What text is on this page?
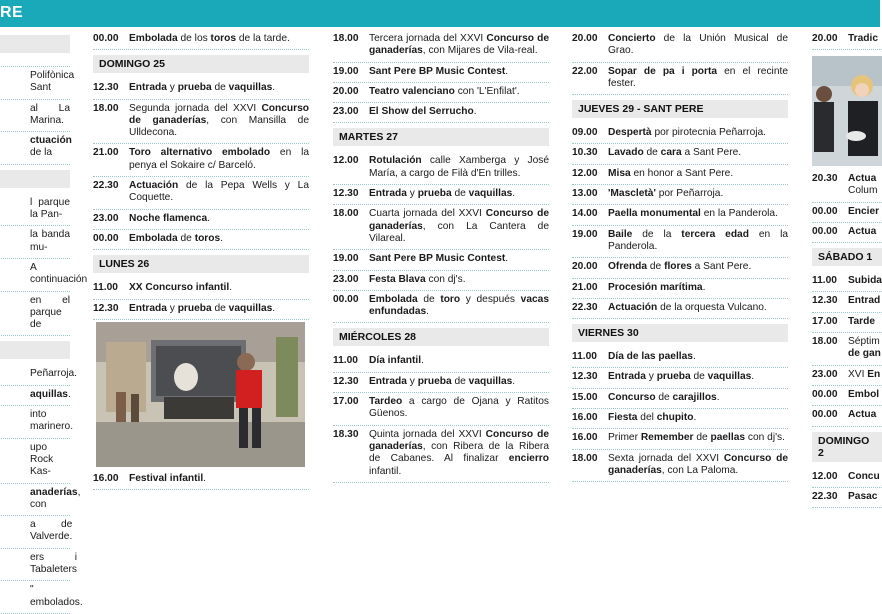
RE

Polifònica Sant
al La Marina.
ctuación de la

l parque la Pan-
la banda mu-
A continuación
en el parque de

Peñarroja.
aquillas.
into marinero.
upo Rock Kas-
anaderías, con
a de Valverde.
ers i Tabaleters
" embolados.
00.00	Embolada de los toros de la tarde.
DOMINGO 25
12.30	Entrada y prueba de vaquillas.
18.00	Segunda jornada del XXVI Concurso de ganaderías, con Mansilla de Ulldecona.
21.00	Toro alternativo embolado en la penya el Sokaire c/ Barceló.
22.30	Actuación de la Pepa Wells y La Coquette.
23.00	Noche flamenca.
00.00	Embolada de toros.
LUNES 26
11.00	XX Concurso infantil.
12.30	Entrada y prueba de vaquillas.
16.00	Festival infantil.
18.00	Tercera jornada del XXVI Concurso de ganaderías, con Mijares de Vila-real.
19.00	Sant Pere BP Music Contest.
20.00	Teatro valenciano con 'L'Enfilat'.
23.00	El Show del Serrucho.
MARTES 27
12.00	Rotulación calle Xamberga y José María, a cargo de Filà d'En trilles.
12.30	Entrada y prueba de vaquillas.
18.00	Cuarta jornada del XXVI Concurso de ganaderías, con La Cantera de Vilareal.
19.00	Sant Pere BP Music Contest.
23.00	Festa Blava con dj's.
00.00	Embolada de toro y después vacas enfundadas.
MIÉRCOLES 28
11.00	Día infantil.
12.30	Entrada y prueba de vaquillas.
17.00	Tardeo a cargo de Ojana y Ratitos Güenos.
18.30	Quinta jornada del XXVI Concurso de ganaderías, con Ribera de la Ribera de Cabanes. Al finalizar encierro infantil.
20.00	Concierto de la Unión Musical de Grao.
22.00	Sopar de pa i porta en el recinte fester.
JUEVES 29 - SANT PERE
09.00	Despertà por pirotecnia Peñarroja.
10.30	Lavado de cara a Sant Pere.
12.00	Misa en honor a Sant Pere.
13.00	'Mascletà' por Peñarroja.
14.00	Paella monumental en la Panderola.
19.00	Baile de la tercera edad en la Panderola.
20.00	Ofrenda de flores a Sant Pere.
21.00	Procesión marítima.
22.30	Actuación de la orquesta Vulcano.
VIERNES 30
11.00	Día de las paellas.
12.30	Entrada y prueba de vaquillas.
15.00	Concurso de carajillos.
16.00	Fiesta del chupito.
16.00	Primer Remember de paellas con dj's.
18.00	Sexta jornada del XXVI Concurso de ganaderías, con La Paloma.
20.00	Tradic
20.30	Actua Colum
00.00	Encier
00.00	Actua
SÁBADO 1
11.00	Subida
12.30	Entrad
17.00	Tarde
18.00	Séptim de gan
23.00	XVI En
00.00	Embol
00.00	Actua
DOMINGO 2
12.00	Concu
22.30	Pasac
